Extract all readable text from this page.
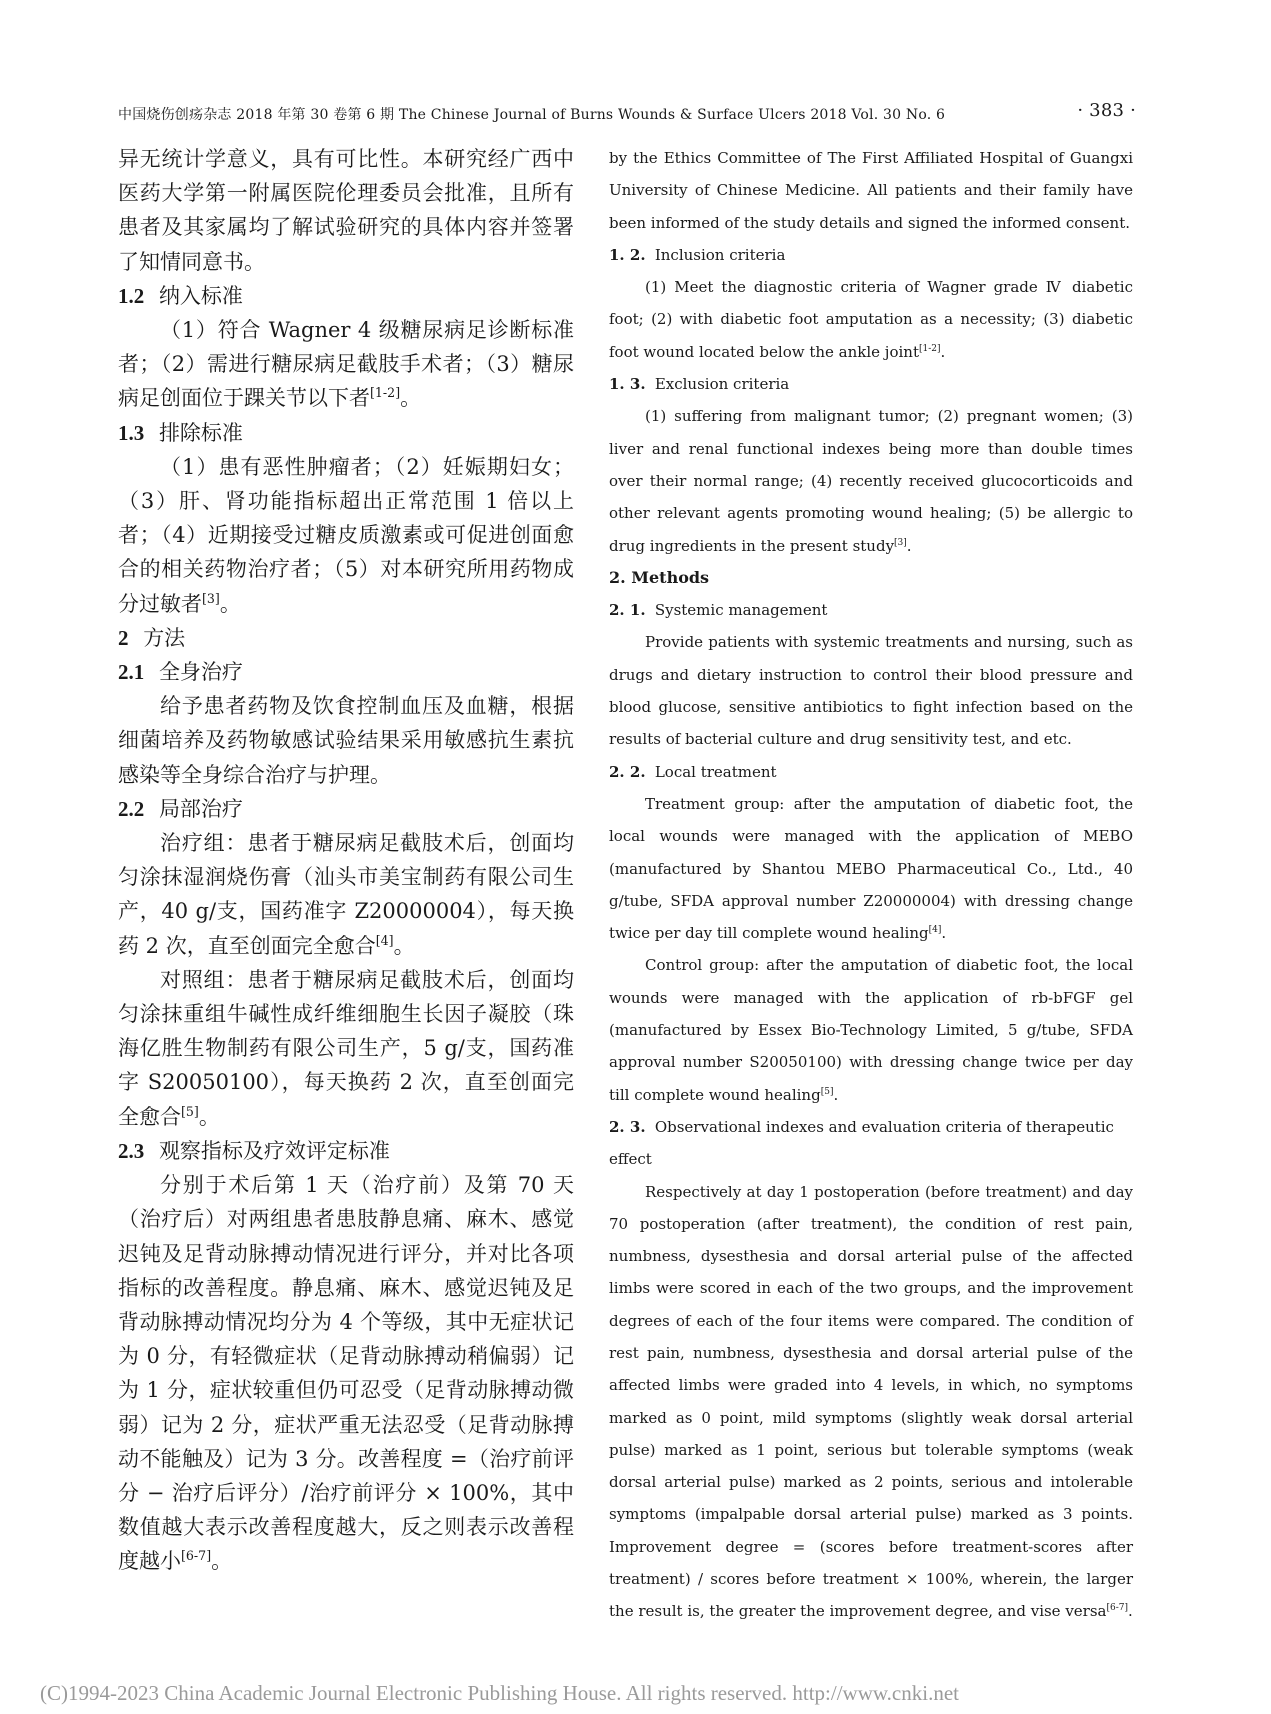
中国烧伤创疡杂志 2018 年第 30 卷第 6 期 The Chinese Journal of Burns Wounds & Surface Ulcers 2018 Vol. 30 No. 6	· 383 ·

异无统计学意义，具有可比性。本研究经广西中医药大学第一附属医院伦理委员会批准，且所有患者及其家属均了解试验研究的具体内容并签署了知情同意书。

1.2 纳入标准

（1）符合 Wagner 4 级糖尿病足诊断标准者；（2）需进行糖尿病足截肢手术者；（3）糖尿病足创面位于踝关节以下者[1-2]。

1.3 排除标准

（1）患有恶性肿瘤者；（2）妊娠期妇女；（3）肝、肾功能指标超出正常范围 1 倍以上者；（4）近期接受过糖皮质激素或可促进创面愈合的相关药物治疗者；（5）对本研究所用药物成分过敏者[3]。

2 方法

2.1 全身治疗

给予患者药物及饮食控制血压及血糖，根据细菌培养及药物敏感试验结果采用敏感抗生素抗感染等全身综合治疗与护理。

2.2 局部治疗

治疗组：患者于糖尿病足截肢术后，创面均匀涂抹湿润烧伤膏（汕头市美宝制药有限公司生产，40 g/支，国药准字 Z20000004），每天换药 2 次，直至创面完全愈合[4]。

对照组：患者于糖尿病足截肢术后，创面均匀涂抹重组牛碱性成纤维细胞生长因子凝胶（珠海亿胜生物制药有限公司生产，5 g/支，国药准字 S20050100），每天换药 2 次，直至创面完全愈合[5]。

2.3 观察指标及疗效评定标准

分别于术后第 1 天（治疗前）及第 70 天（治疗后）对两组患者患肢静息痛、麻木、感觉迟钝及足背动脉搏动情况进行评分，并对比各项指标的改善程度。静息痛、麻木、感觉迟钝及足背动脉搏动情况均分为 4 个等级，其中无症状记为 0 分，有轻微症状（足背动脉搏动稍偏弱）记为 1 分，症状较重但仍可忍受（足背动脉搏动微弱）记为 2 分，症状严重无法忍受（足背动脉搏动不能触及）记为 3 分。改善程度 =（治疗前评分 − 治疗后评分）/治疗前评分 × 100%，其中数值越大表示改善程度越大，反之则表示改善程度越小[6-7]。

by the Ethics Committee of The First Affiliated Hospital of Guangxi University of Chinese Medicine. All patients and their family have been informed of the study details and signed the informed consent.

1. 2. Inclusion criteria

(1) Meet the diagnostic criteria of Wagner grade Ⅳ diabetic foot; (2) with diabetic foot amputation as a necessity; (3) diabetic foot wound located below the ankle joint[1-2].

1. 3. Exclusion criteria

(1) suffering from malignant tumor; (2) pregnant women; (3) liver and renal functional indexes being more than double times over their normal range; (4) recently received glucocorticoids and other relevant agents promoting wound healing; (5) be allergic to drug ingredients in the present study[3].

2. Methods

2. 1. Systemic management

Provide patients with systemic treatments and nursing, such as drugs and dietary instruction to control their blood pressure and blood glucose, sensitive antibiotics to fight infection based on the results of bacterial culture and drug sensitivity test, and etc.

2. 2. Local treatment

Treatment group: after the amputation of diabetic foot, the local wounds were managed with the application of MEBO (manufactured by Shantou MEBO Pharmaceutical Co., Ltd., 40 g/tube, SFDA approval number Z20000004) with dressing change twice per day till complete wound healing[4].

Control group: after the amputation of diabetic foot, the local wounds were managed with the application of rb-bFGF gel (manufactured by Essex Bio-Technology Limited, 5 g/tube, SFDA approval number S20050100) with dressing change twice per day till complete wound healing[5].

2. 3. Observational indexes and evaluation criteria of therapeutic effect

Respectively at day 1 postoperation (before treatment) and day 70 postoperation (after treatment), the condition of rest pain, numbness, dysesthesia and dorsal arterial pulse of the affected limbs were scored in each of the two groups, and the improvement degrees of each of the four items were compared. The condition of rest pain, numbness, dysesthesia and dorsal arterial pulse of the affected limbs were graded into 4 levels, in which, no symptoms marked as 0 point, mild symptoms (slightly weak dorsal arterial pulse) marked as 1 point, serious but tolerable symptoms (weak dorsal arterial pulse) marked as 2 points, serious and intolerable symptoms (impalpable dorsal arterial pulse) marked as 3 points. Improvement degree = (scores before treatment-scores after treatment) / scores before treatment × 100%, wherein, the larger the result is, the greater the improvement degree, and vise versa[6-7].

(C)1994-2023 China Academic Journal Electronic Publishing House. All rights reserved. http://www.cnki.net
